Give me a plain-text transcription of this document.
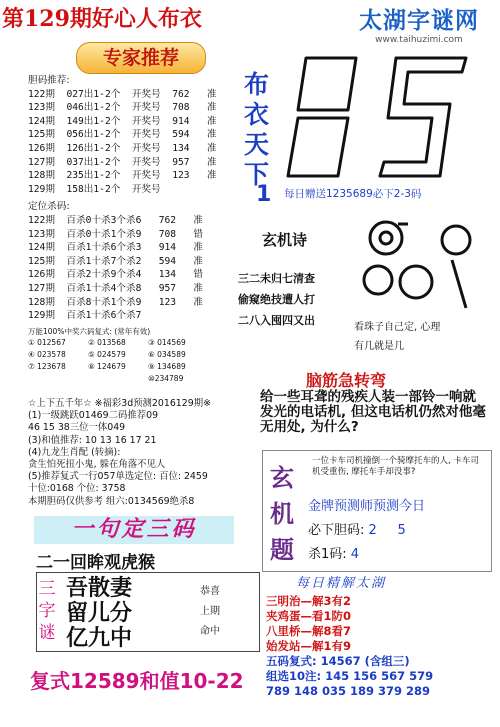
第129期好心人布衣	太湖字谜网
www.taihuzimi.com
专家推荐
胆码推荐:
122期  027出1-2个  开奖号  762   准
123期  046出1-2个  开奖号  708   准
124期  149出1-2个  开奖号  914   准
125期  056出1-2个  开奖号  594   准
126期  126出1-2个  开奖号  134   准
127期  037出1-2个  开奖号  957   准
128期  235出1-2个  开奖号  123   准
129期  158出1-2个  开奖号
定位杀码:
122期  百杀0十杀3个杀6   762   准
123期  百杀0十杀1个杀9   708   错
124期  百杀1十杀6个杀3   914   准
125期  百杀1十杀7个杀2   594   准
126期  百杀2十杀9个杀4   134   错
127期  百杀1十杀4个杀8   957   准
128期  百杀8十杀1个杀9   123   准
129期  百杀1十杀6个杀7
万能100%中奖六码复式: (常年有效)
① 012567	② 013568	③ 014569
④ 023578	⑤ 024579	⑥ 034589
⑦ 123678	⑧ 124679	⑨ 134689 ⑩234789
☆上下五千年☆ ※福彩3d预测2016129期※
(1)一级跳跃01469二码推荐09
46 15 38三位一体049
(3)和值推荐: 10 13 16 17 21
(4)九龙生肖配 (转摘):
贪生怕死扭小鬼, 躲在角落不见人
(5)推荐复式一行057单选定位: 百位: 2459
十位:0168 个位: 3758
本期胆码仅供参考 组六:0134569绝杀8
一句定三码
二一回眸观虎猴
三字谜
吾散妻
留儿分
亿九中
恭喜
上期
命中
复式12589和值10-22
布
衣
天
下
85
1 每日赠送1235689必下2-3码
玄机诗
三二未归七清查
偷窥绝技遭人打
二八入囤四又出
看珠子自己定, 心理
有几就是几
脑筋急转弯
给一些耳聋的残疾人装一部铃一响就发光的电话机, 但这电话机仍然对他毫无用处, 为什么?
玄
机
题
一位卡车司机撞倒一个骑摩托车的人, 卡车司机受重伤, 摩托车手却没事?
金牌预测师预测今日
必下胆码: 2     5
杀1码: 4
每日精解太湖
三明治—解3有2
夹鸡蛋—看1防0
八里桥—解8看7
始发站—解1有9
五码复式: 14567 (含组三)
组选10注: 145 156 567 579
789 148 035 189 379 289
